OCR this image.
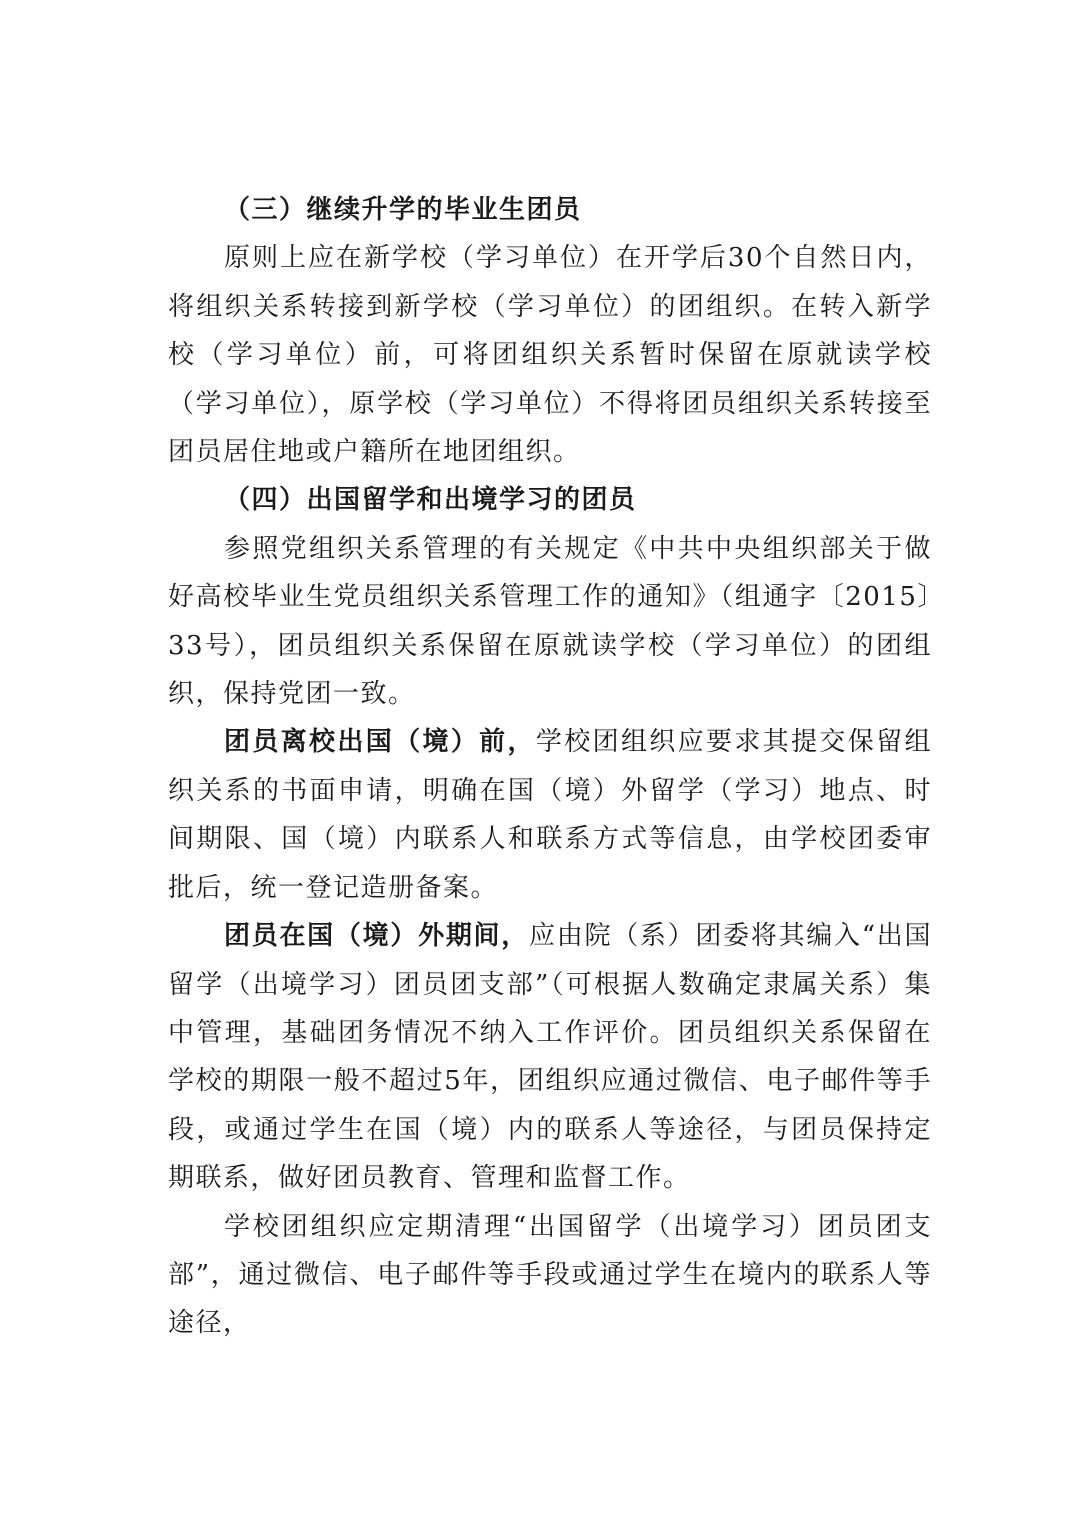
（三）继续升学的毕业生团员

原则上应在新学校（学习单位）在开学后30个自然日内，将组织关系转接到新学校（学习单位）的团组织。在转入新学校（学习单位）前，可将团组织关系暂时保留在原就读学校（学习单位），原学校（学习单位）不得将团员组织关系转接至团员居住地或户籍所在地团组织。

（四）出国留学和出境学习的团员

参照党组织关系管理的有关规定《中共中央组织部关于做好高校毕业生党员组织关系管理工作的通知》（组通字〔2015〕33号），团员组织关系保留在原就读学校（学习单位）的团组织，保持党团一致。

团员离校出国（境）前，学校团组织应要求其提交保留组织关系的书面申请，明确在国（境）外留学（学习）地点、时间期限、国（境）内联系人和联系方式等信息，由学校团委审批后，统一登记造册备案。

团员在国（境）外期间，应由院（系）团委将其编入“出国留学（出境学习）团员团支部”（可根据人数确定隶属关系）集中管理，基础团务情况不纳入工作评价。团员组织关系保留在学校的期限一般不超过5年，团组织应通过微信、电子邮件等手段，或通过学生在国（境）内的联系人等途径，与团员保持定期联系，做好团员教育、管理和监督工作。

学校团组织应定期清理“出国留学（出境学习）团员团支部”，通过微信、电子邮件等手段或通过学生在境内的联系人等途径，
